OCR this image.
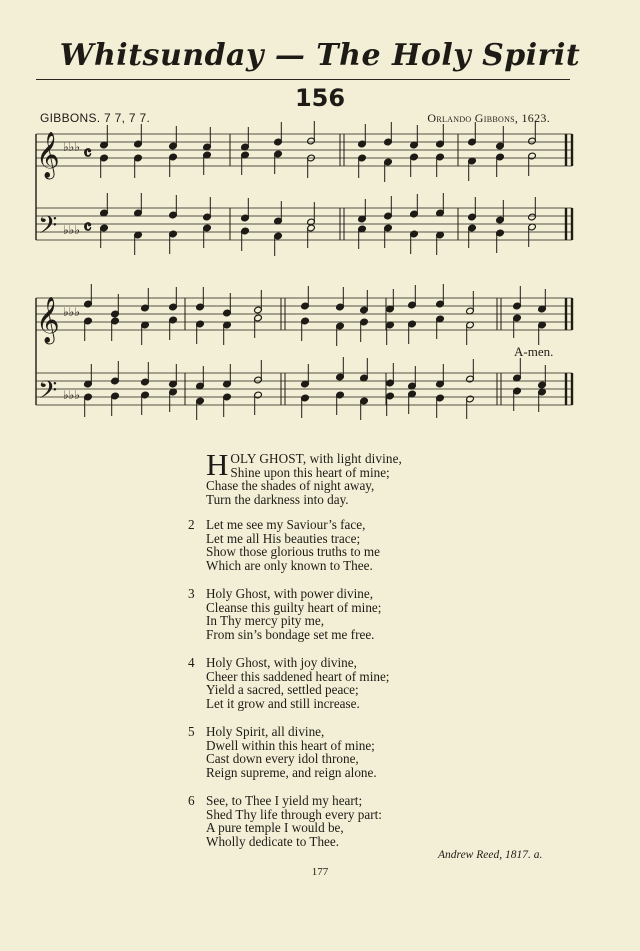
Whitsunday — The Holy Spirit
156
GIBBONS. 7 7, 7 7.	Orlando Gibbons, 1623.
𝄞
𝄢
𝄞
𝄢
♭♭♭
♭♭♭
♭♭♭
♭♭♭
𝄴
𝄴
A-men.
H OLY GHOST, with light divine,
Shine upon this heart of mine;
Chase the shades of night away,
Turn the darkness into day.
2 Let me see my Saviour’s face,
Let me all His beauties trace;
Show those glorious truths to me
Which are only known to Thee.
3 Holy Ghost, with power divine,
Cleanse this guilty heart of mine;
In Thy mercy pity me,
From sin’s bondage set me free.
4 Holy Ghost, with joy divine,
Cheer this saddened heart of mine;
Yield a sacred, settled peace;
Let it grow and still increase.
5 Holy Spirit, all divine,
Dwell within this heart of mine;
Cast down every idol throne,
Reign supreme, and reign alone.
6 See, to Thee I yield my heart;
Shed Thy life through every part:
A pure temple I would be,
Wholly dedicate to Thee.
Andrew Reed, 1817. a.
177
